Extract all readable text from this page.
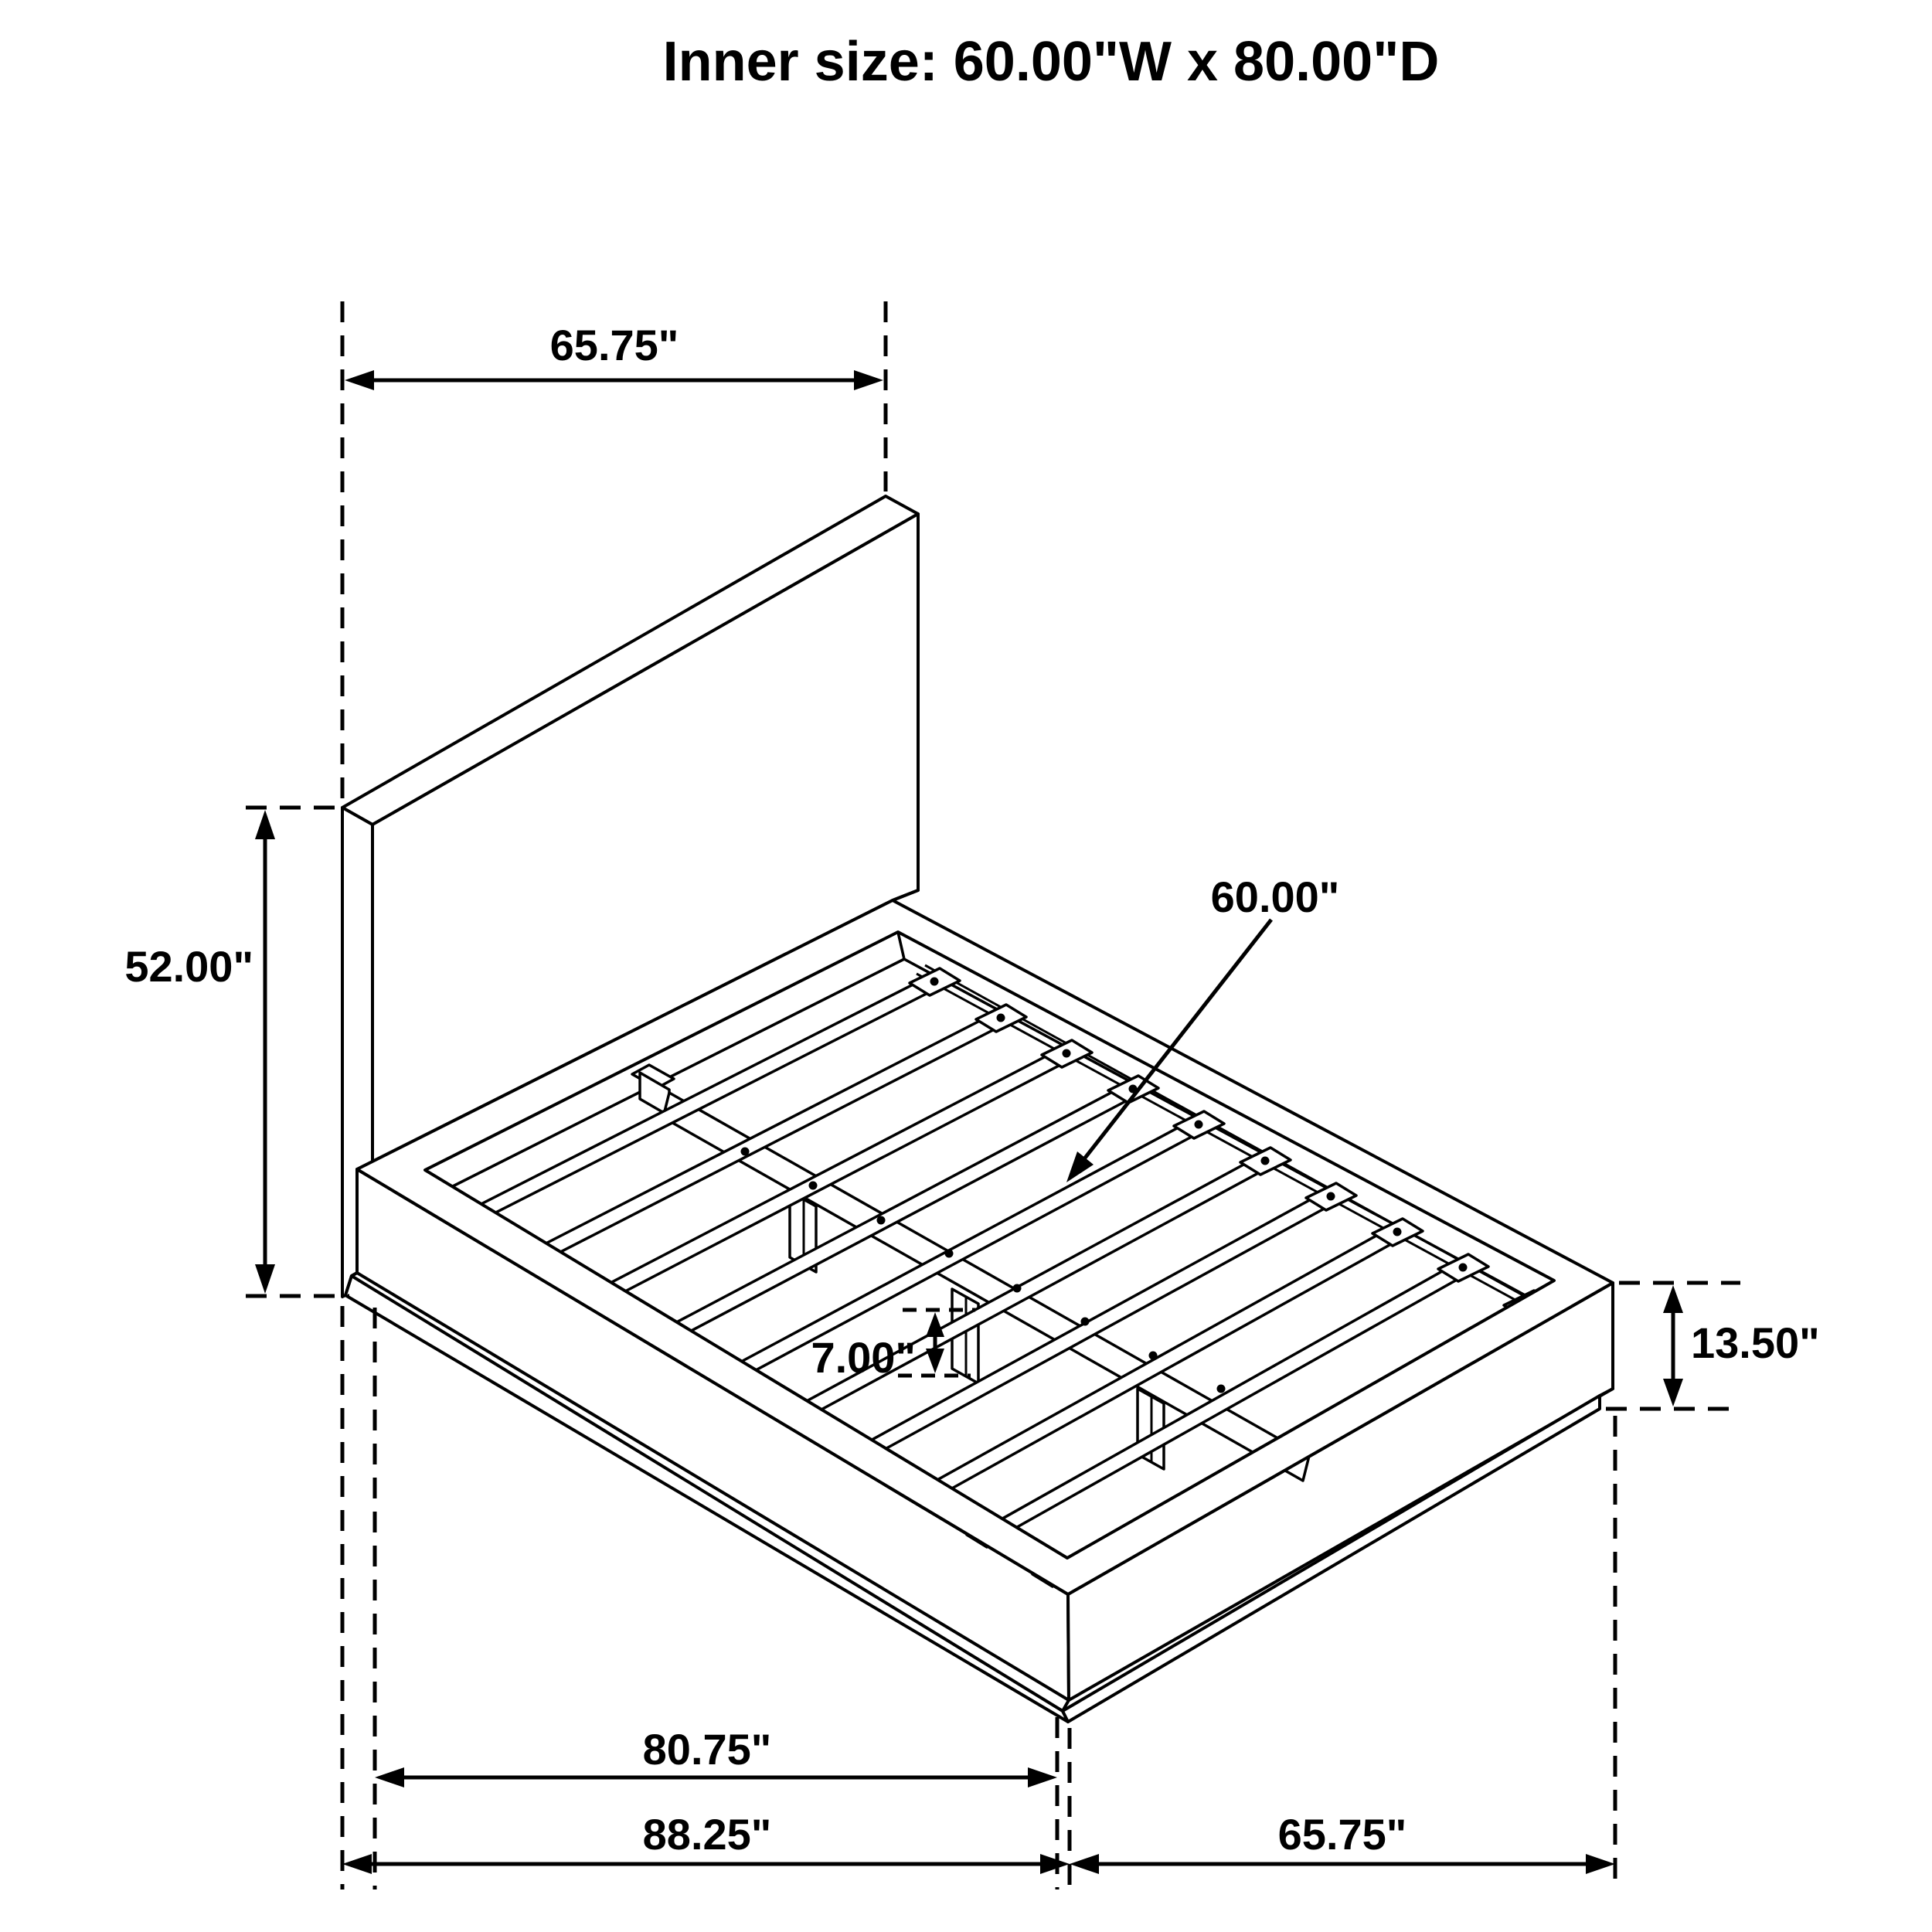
65.75"
52.00"
60.00"
7.00"	13.50"
80.75"
88.25"	65.75"
Inner size: 60.00"W x 80.00"D
